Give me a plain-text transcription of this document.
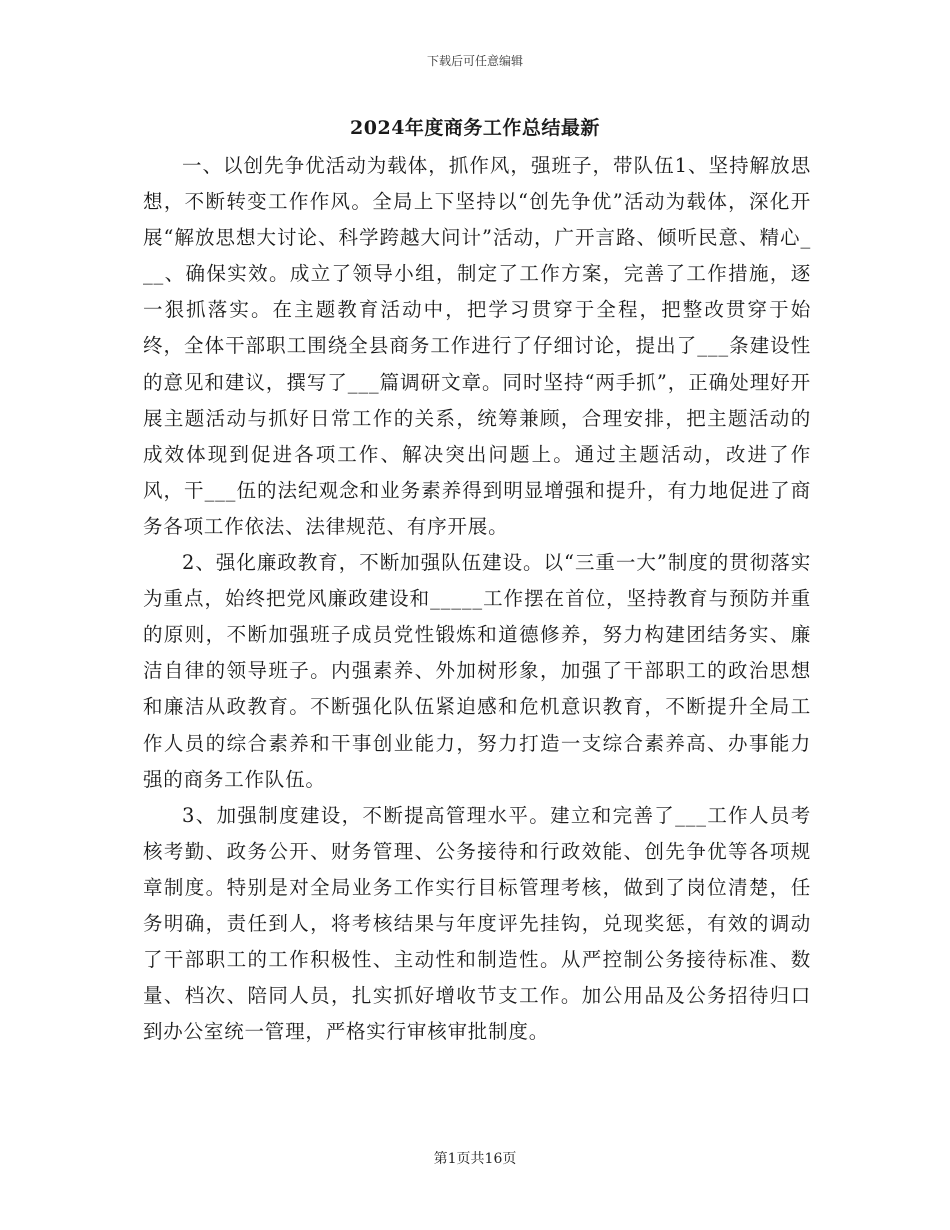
下载后可任意编辑
2024年度商务工作总结最新

一、以创先争优活动为载体，抓作风，强班子，带队伍1、坚持解放思想，不断转变工作作风。全局上下坚持以“创先争优”活动为载体，深化开展“解放思想大讨论、科学跨越大问计”活动，广开言路、倾听民意、精心___、确保实效。成立了领导小组，制定了工作方案，完善了工作措施，逐一狠抓落实。在主题教育活动中，把学习贯穿于全程，把整改贯穿于始终，全体干部职工围绕全县商务工作进行了仔细讨论，提出了___条建设性的意见和建议，撰写了___篇调研文章。同时坚持“两手抓”，正确处理好开展主题活动与抓好日常工作的关系，统筹兼顾，合理安排，把主题活动的成效体现到促进各项工作、解决突出问题上。通过主题活动，改进了作风，干___伍的法纪观念和业务素养得到明显增强和提升，有力地促进了商务各项工作依法、法律规范、有序开展。

2、强化廉政教育，不断加强队伍建设。以“三重一大”制度的贯彻落实为重点，始终把党风廉政建设和_____工作摆在首位，坚持教育与预防并重的原则，不断加强班子成员党性锻炼和道德修养，努力构建团结务实、廉洁自律的领导班子。内强素养、外加树形象，加强了干部职工的政治思想和廉洁从政教育。不断强化队伍紧迫感和危机意识教育，不断提升全局工作人员的综合素养和干事创业能力，努力打造一支综合素养高、办事能力强的商务工作队伍。

3、加强制度建设，不断提高管理水平。建立和完善了___工作人员考核考勤、政务公开、财务管理、公务接待和行政效能、创先争优等各项规章制度。特别是对全局业务工作实行目标管理考核，做到了岗位清楚，任务明确，责任到人，将考核结果与年度评先挂钩，兑现奖惩，有效的调动了干部职工的工作积极性、主动性和制造性。从严控制公务接待标准、数量、档次、陪同人员，扎实抓好增收节支工作。加公用品及公务招待归口到办公室统一管理，严格实行审核审批制度。

第1页共16页
